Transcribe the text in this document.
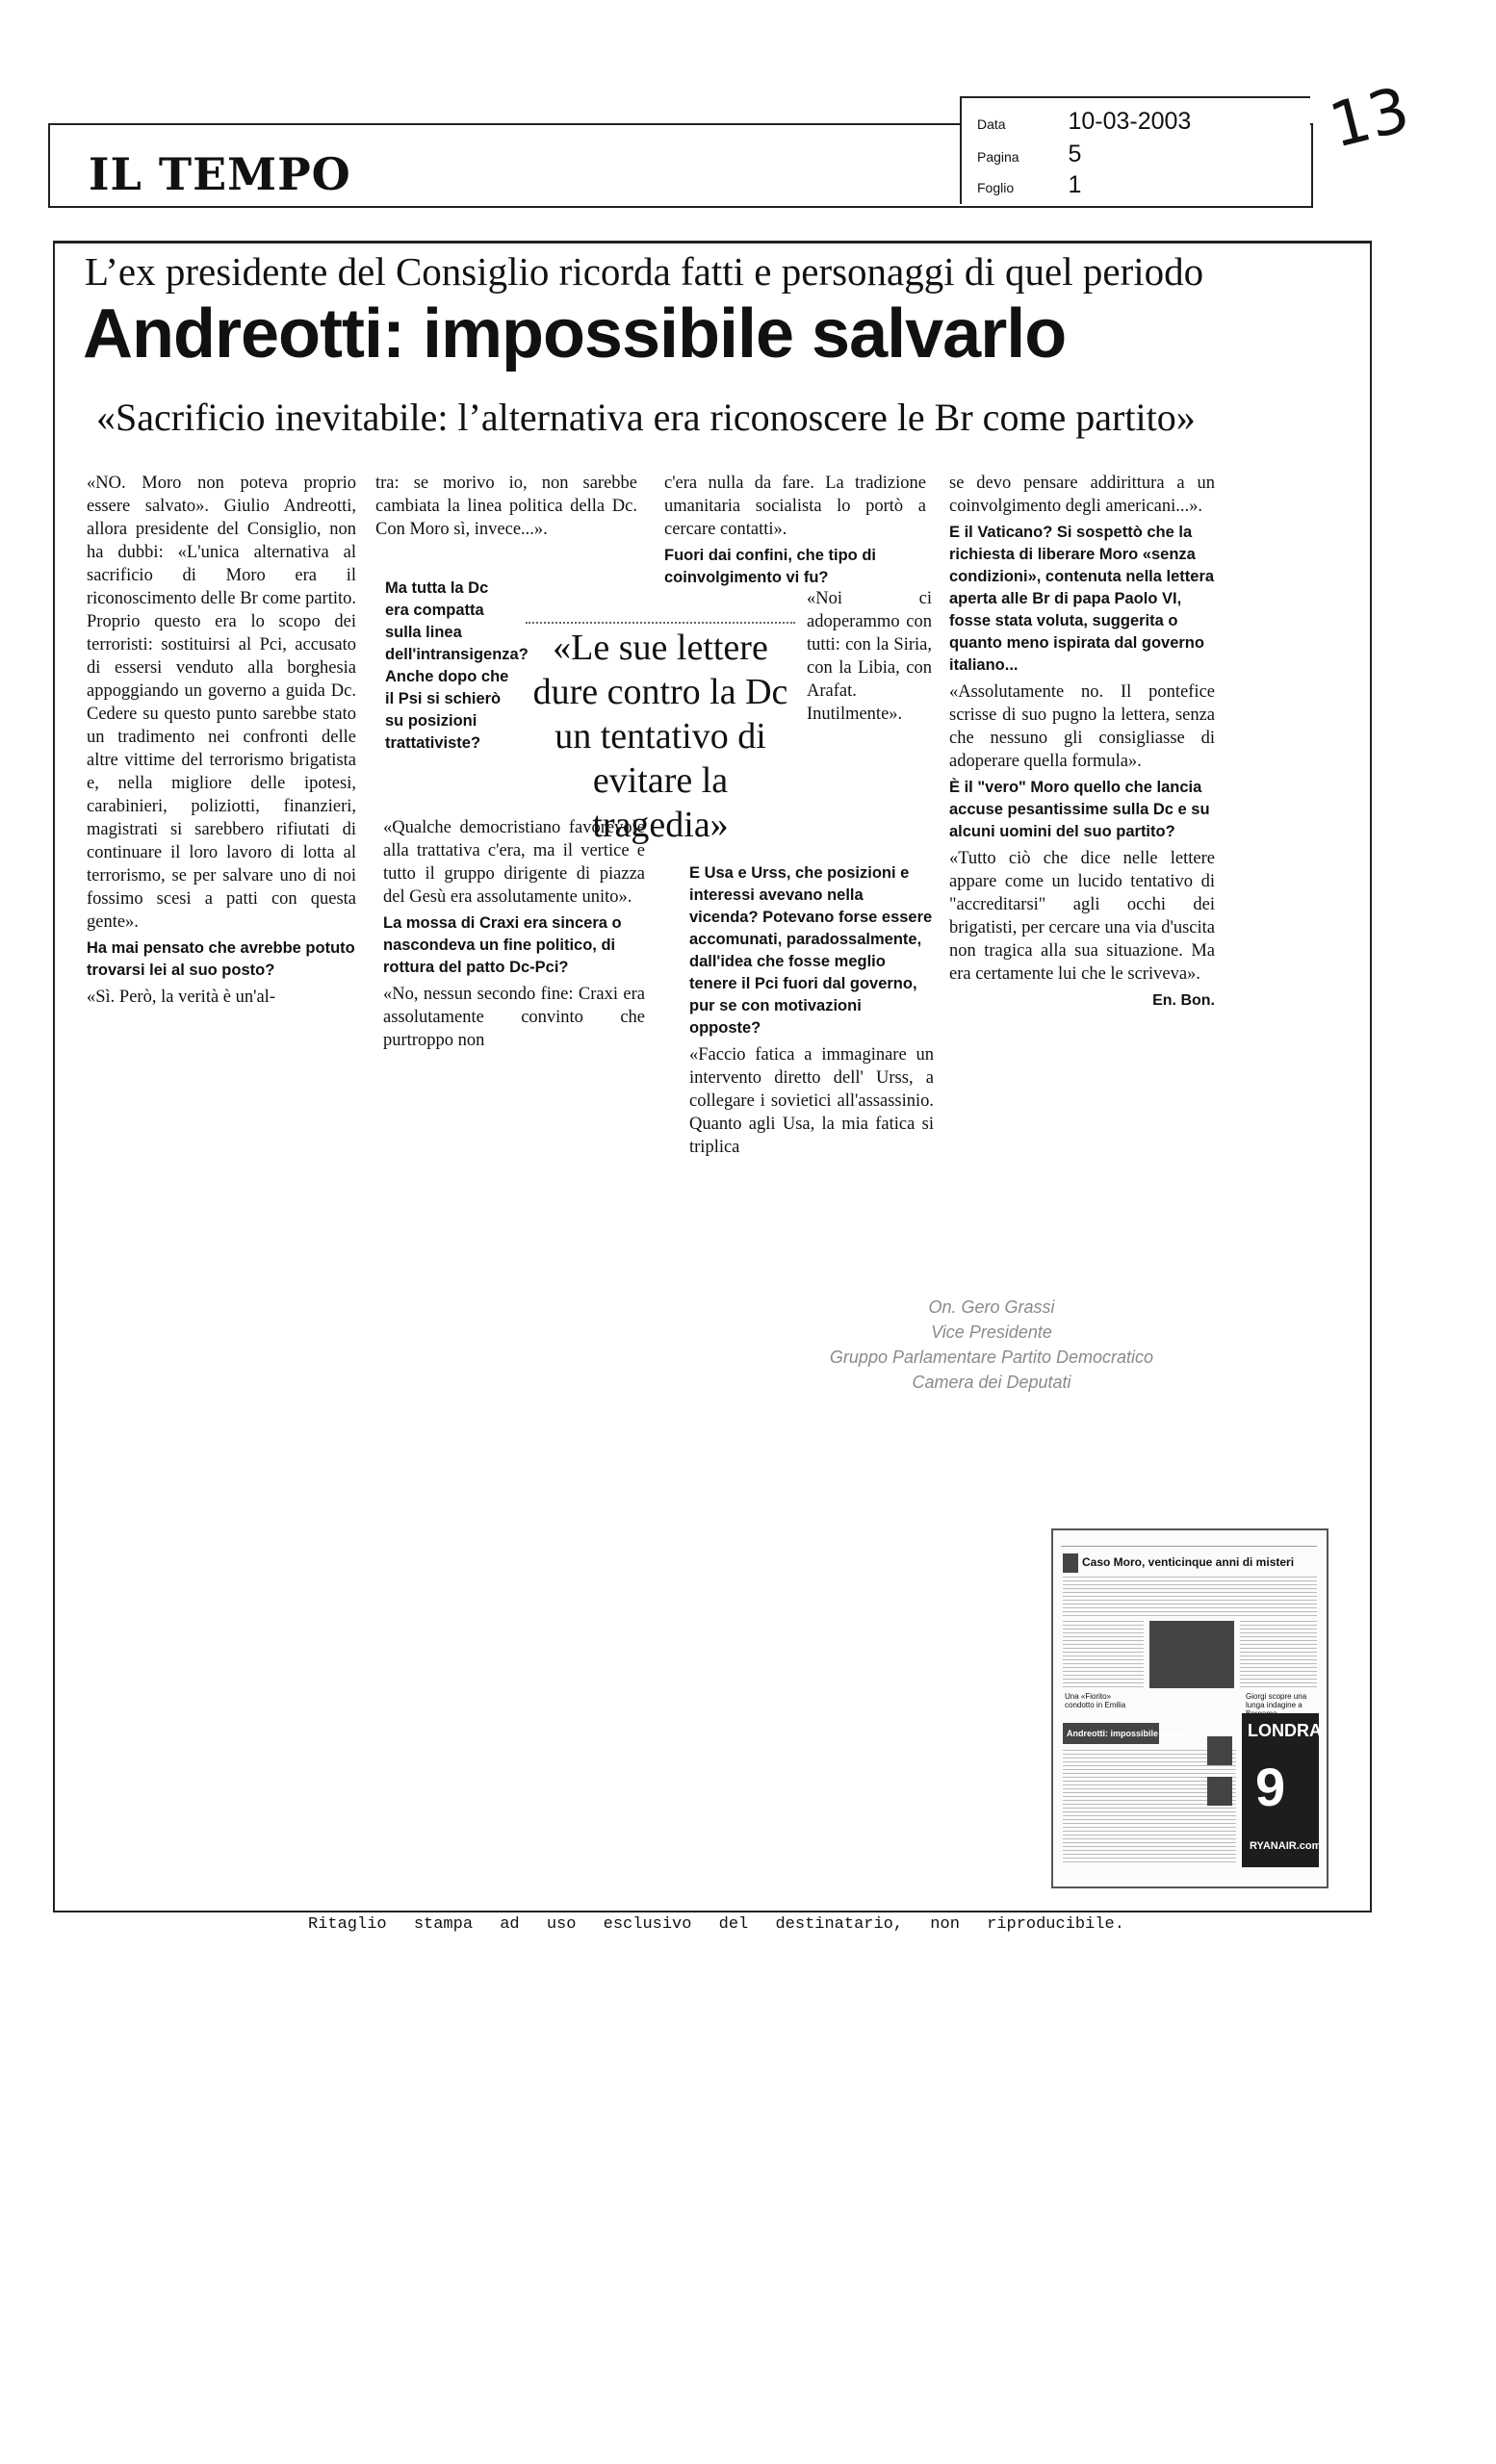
IL TEMPO
Data	10-03-2003
Pagina 5
Foglio 1
13
L’ex presidente del Consiglio ricorda fatti e personaggi di quel periodo
Andreotti: impossibile salvarlo
«Sacrificio inevitabile: l’alternativa era riconoscere le Br come partito»

«NO. Moro non poteva proprio essere salvato». Giulio Andreotti, allora presidente del Consiglio, non ha dubbi: «L'unica alternativa al sacrificio di Moro era il riconoscimento delle Br come partito. Proprio questo era lo scopo dei terroristi: sostituirsi al Pci, accusato di essersi venduto alla borghesia appoggiando un governo a guida Dc. Cedere su questo punto sarebbe stato un tradimento nei confronti delle altre vittime del terrorismo brigatista e, nella migliore delle ipotesi, carabinieri, poliziotti, finanzieri, magistrati si sarebbero rifiutati di continuare il loro lavoro di lotta al terrorismo, se per salvare uno di noi fossimo scesi a patti con questa gente».

Ha mai pensato che avrebbe potuto trovarsi lei al suo posto?

«Sì. Però, la verità è un'al-

tra: se morivo io, non sarebbe cambiata la linea politica della Dc. Con Moro sì, invece...».

Ma tutta la Dc era compatta sulla linea dell'intransigenza? Anche dopo che il Psi si schierò su posizioni trattativiste?

«Qualche democristiano favorevole alla trattativa c'era, ma il vertice e tutto il gruppo dirigente di piazza del Gesù era assolutamente unito».

La mossa di Craxi era sincera o nascondeva un fine politico, di rottura del patto Dc-Pci?

«No, nessun secondo fine: Craxi era assolutamente convinto che purtroppo non

«Le sue lettere dure contro la Dc un tentativo di evitare la tragedia»

c'era nulla da fare. La tradizione umanitaria socialista lo portò a cercare contatti».

Fuori dai confini, che tipo di coinvolgimento vi fu?

«Noi ci adoperammo con tutti: con la Siria, con la Libia, con Arafat. Inutilmente».

E Usa e Urss, che posizioni e interessi avevano nella vicenda? Potevano forse essere accomunati, paradossalmente, dall'idea che fosse meglio tenere il Pci fuori dal governo, pur se con motivazioni opposte?

«Faccio fatica a immaginare un intervento diretto dell' Urss, a collegare i sovietici all'assassinio. Quanto agli Usa, la mia fatica si triplica

se devo pensare addirittura a un coinvolgimento degli americani...».

E il Vaticano? Si sospettò che la richiesta di liberare Moro «senza condizioni», contenuta nella lettera aperta alle Br di papa Paolo VI, fosse stata voluta, suggerita o quanto meno ispirata dal governo italiano...

«Assolutamente no. Il pontefice scrisse di suo pugno la lettera, senza che nessuno gli consigliasse di adoperare quella formula».

È il "vero" Moro quello che lancia accuse pesantissime sulla Dc e su alcuni uomini del suo partito?

«Tutto ciò che dice nelle lettere appare come un lucido tentativo di "accreditarsi" agli occhi dei brigatisti, per cercare una via d'uscita non tragica alla sua situazione. Ma era certamente lui che le scriveva».

En. Bon.

On. Gero Grassi
Vice Presidente
Gruppo Parlamentare Partito Democratico
Camera dei Deputati
Caso Moro, venticinque anni di misteri
Una «Fiorito» condotto in Emilia
Giorgi scopre una lunga indagine a
Andreotti: impossibile salvarlo	LONDRA
9
RYANAIR.com
Ritaglio stampa ad uso esclusivo del destinatario, non riproducibile.
